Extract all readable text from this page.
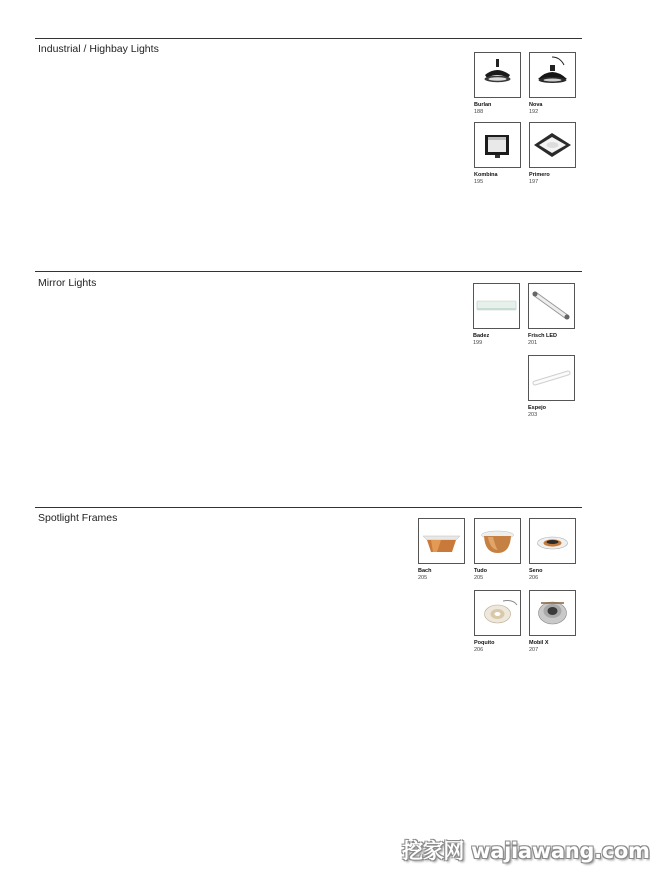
Industrial / Highbay Lights
Burlan
188
Nova
192
Kombina
195
Primero
197
Mirror Lights
Badez
199
Frisch LED
201
Espejo
203
Spotlight Frames
Bach
205
Tudo
205
Seno
206
Poquito
206
Mobil X
207
挖家网 wajiawang.com
